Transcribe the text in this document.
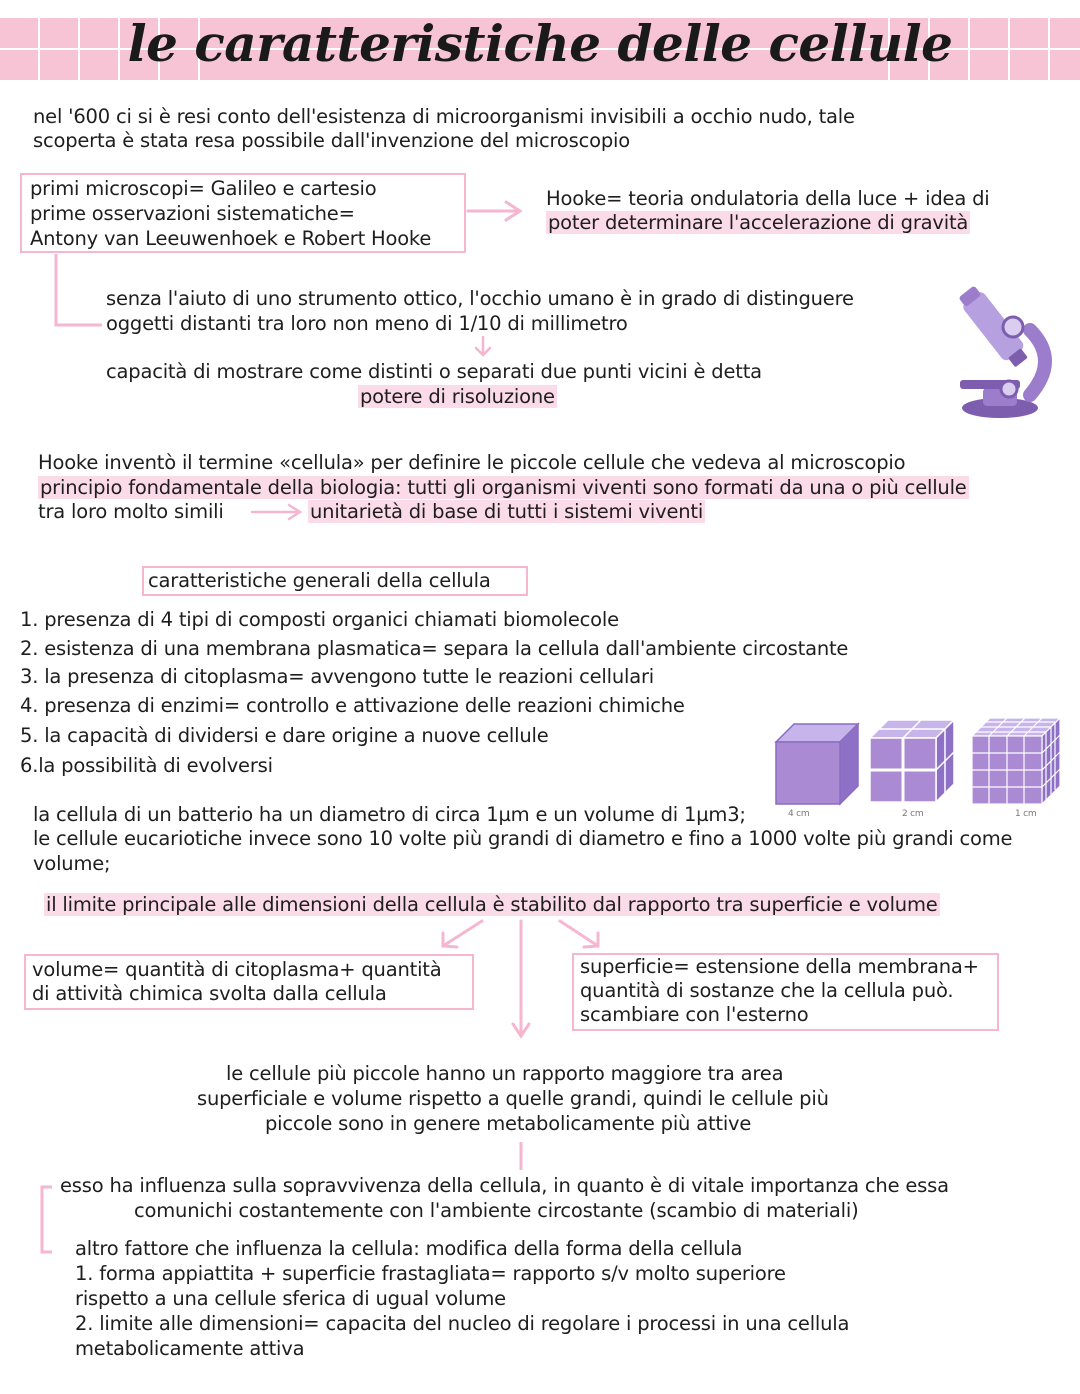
le caratteristiche delle cellule
nel '600 ci si è resi conto dell'esistenza di microorganismi invisibili a occhio nudo, tale
scoperta è stata resa possibile dall'invenzione del microscopio
primi microscopi= Galileo e cartesio
prime osservazioni sistematiche=
Antony van Leeuwenhoek e Robert Hooke
Hooke= teoria ondulatoria della luce + idea di
poter determinare l'accelerazione di gravità
senza l'aiuto di uno strumento ottico, l'occhio umano è in grado di distinguere
oggetti distanti tra loro non meno di 1/10 di millimetro
capacità di mostrare come distinti o separati due punti vicini è detta
potere di risoluzione
Hooke inventò il termine «cellula» per definire le piccole cellule che vedeva al microscopio
principio fondamentale della biologia: tutti gli organismi viventi sono formati da una o più cellule
tra loro molto simili	unitarietà di base di tutti i sistemi viventi
caratteristiche generali della cellula
1. presenza di 4 tipi di composti organici chiamati biomolecole
2. esistenza di una membrana plasmatica= separa la cellula dall'ambiente circostante
3. la presenza di citoplasma= avvengono tutte le reazioni cellulari
4. presenza di enzimi= controllo e attivazione delle reazioni chimiche
5. la capacità di dividersi e dare origine a nuove cellule
6.la possibilità di evolversi
4 cm	2 cm	1 cm
la cellula di un batterio ha un diametro di circa 1µm e un volume di 1µm3;
le cellule eucariotiche invece sono 10 volte più grandi di diametro e fino a 1000 volte più grandi come
volume;
il limite principale alle dimensioni della cellula è stabilito dal rapporto tra superficie e volume
volume= quantità di citoplasma+ quantità
di attività chimica svolta dalla cellula
superficie= estensione della membrana+
quantità di sostanze che la cellula può.
scambiare con l'esterno
le cellule più piccole hanno un rapporto maggiore tra area
superficiale e volume rispetto a quelle grandi, quindi le cellule più
piccole sono in genere metabolicamente più attive
esso ha influenza sulla sopravvivenza della cellula, in quanto è di vitale importanza che essa
comunichi costantemente con l'ambiente circostante (scambio di materiali)
altro fattore che influenza la cellula: modifica della forma della cellula
1. forma appiattita + superficie frastagliata= rapporto s/v molto superiore
rispetto a una cellule sferica di ugual volume
2. limite alle dimensioni= capacita del nucleo di regolare i processi in una cellula
metabolicamente attiva
